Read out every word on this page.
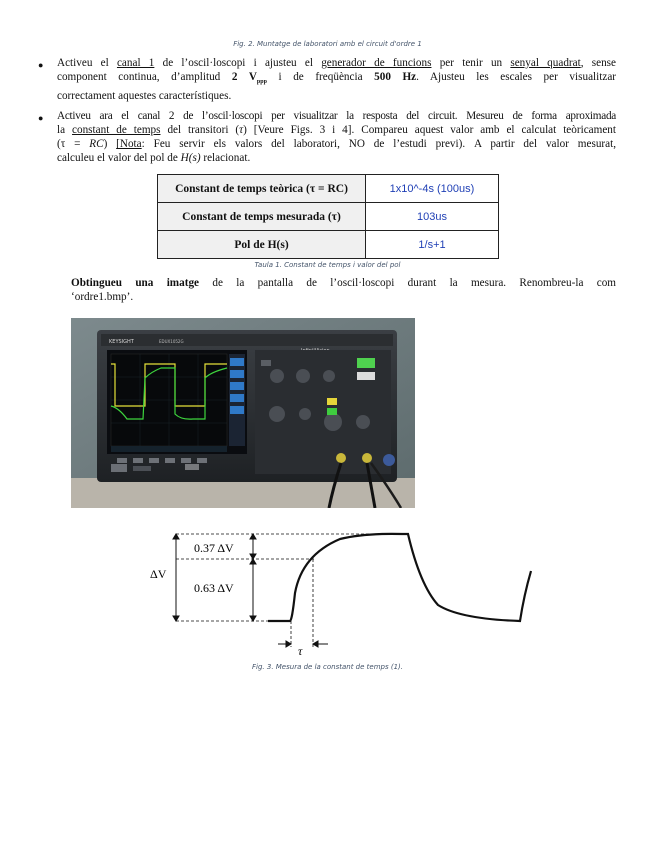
Fig. 2. Muntatge de laboratori amb el circuit d'ordre 1
● Activeu el canal 1 de l’oscil·loscopi i ajusteu el generador de funcions per tenir un senyal quadrat, sense
component continua, d’amplitud 2 $V_{ppp}$ i de freqüència 500 Hz. Ajusteu les escales per visualitzar
correctament aquestes característiques.
● Activeu ara el canal 2 de l’oscil·loscopi per visualitzar la resposta del circuit. Mesureu de forma aproximada
la constant de temps del transitori (τ) [Veure Figs. 3 i 4]. Compareu aquest valor amb el calculat teòricament
(τ = RC) [Nota: Feu servir els valors del laboratori, NO de l’estudi previ). A partir del valor mesurat,
calculeu el valor del pol de H(s) relacionat.
Constant de temps teòrica (τ = RC)	1x10^-4s (100us)
Constant de temps mesurada (τ)	103us
Pol de H(s)	1/s+1
Taula 1. Constant de temps i valor del pol
Obtingueu una imatge de la pantalla de l’oscil·loscopi durant la mesura. Renombreu-la com
‘ordre1.bmp’.
KEYSIGHT	EDUX1052G
0.37 ΔV
0.63 ΔV
ΔV
τ
Fig. 3. Mesura de la constant de temps (1).
